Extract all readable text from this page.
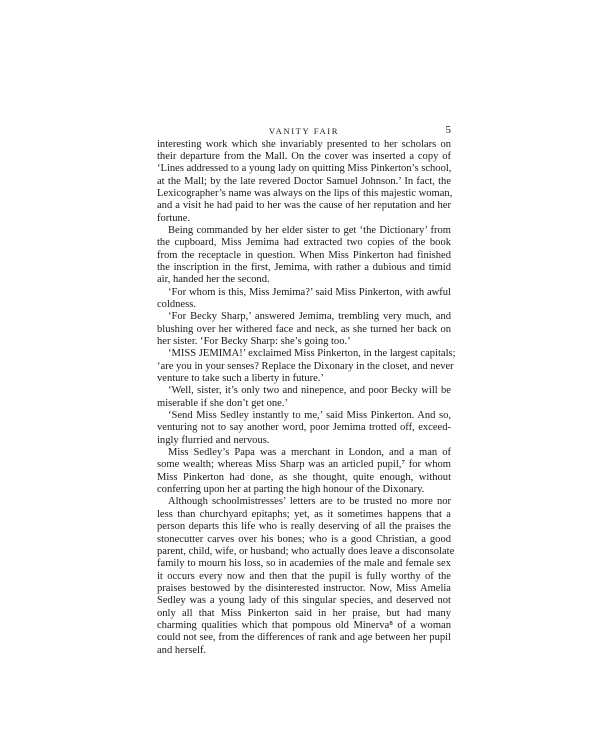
VANITY FAIR	5
interesting work which she invariably presented to her scholars on
their departure from the Mall. On the cover was inserted a copy of
‘Lines addressed to a young lady on quitting Miss Pinkerton’s school,
at the Mall; by the late revered Doctor Samuel Johnson.’ In fact, the
Lexicographer’s name was always on the lips of this majestic woman,
and a visit he had paid to her was the cause of her reputation and her
fortune.
Being commanded by her elder sister to get ‘the Dictionary’ from
the cupboard, Miss Jemima had extracted two copies of the book
from the receptacle in question. When Miss Pinkerton had finished
the inscription in the first, Jemima, with rather a dubious and timid
air, handed her the second.
‘For whom is this, Miss Jemima?’ said Miss Pinkerton, with awful
coldness.
‘For Becky Sharp,’ answered Jemima, trembling very much, and
blushing over her withered face and neck, as she turned her back on
her sister. ‘For Becky Sharp: she’s going too.’
‘MISS JEMIMA!’ exclaimed Miss Pinkerton, in the largest capitals;
‘are you in your senses? Replace the Dixonary in the closet, and never
venture to take such a liberty in future.’
‘Well, sister, it’s only two and ninepence, and poor Becky will be
miserable if she don’t get one.’
‘Send Miss Sedley instantly to me,’ said Miss Pinkerton. And so,
venturing not to say another word, poor Jemima trotted off, exceed-
ingly flurried and nervous.
Miss Sedley’s Papa was a merchant in London, and a man of
some wealth; whereas Miss Sharp was an articled pupil,⁷ for whom
Miss Pinkerton had done, as she thought, quite enough, without
conferring upon her at parting the high honour of the Dixonary.
Although schoolmistresses’ letters are to be trusted no more nor
less than churchyard epitaphs; yet, as it sometimes happens that a
person departs this life who is really deserving of all the praises the
stonecutter carves over his bones; who is a good Christian, a good
parent, child, wife, or husband; who actually does leave a disconsolate
family to mourn his loss, so in academies of the male and female sex
it occurs every now and then that the pupil is fully worthy of the
praises bestowed by the disinterested instructor. Now, Miss Amelia
Sedley was a young lady of this singular species, and deserved not
only all that Miss Pinkerton said in her praise, but had many
charming qualities which that pompous old Minerva⁸ of a woman
could not see, from the differences of rank and age between her pupil
and herself.
